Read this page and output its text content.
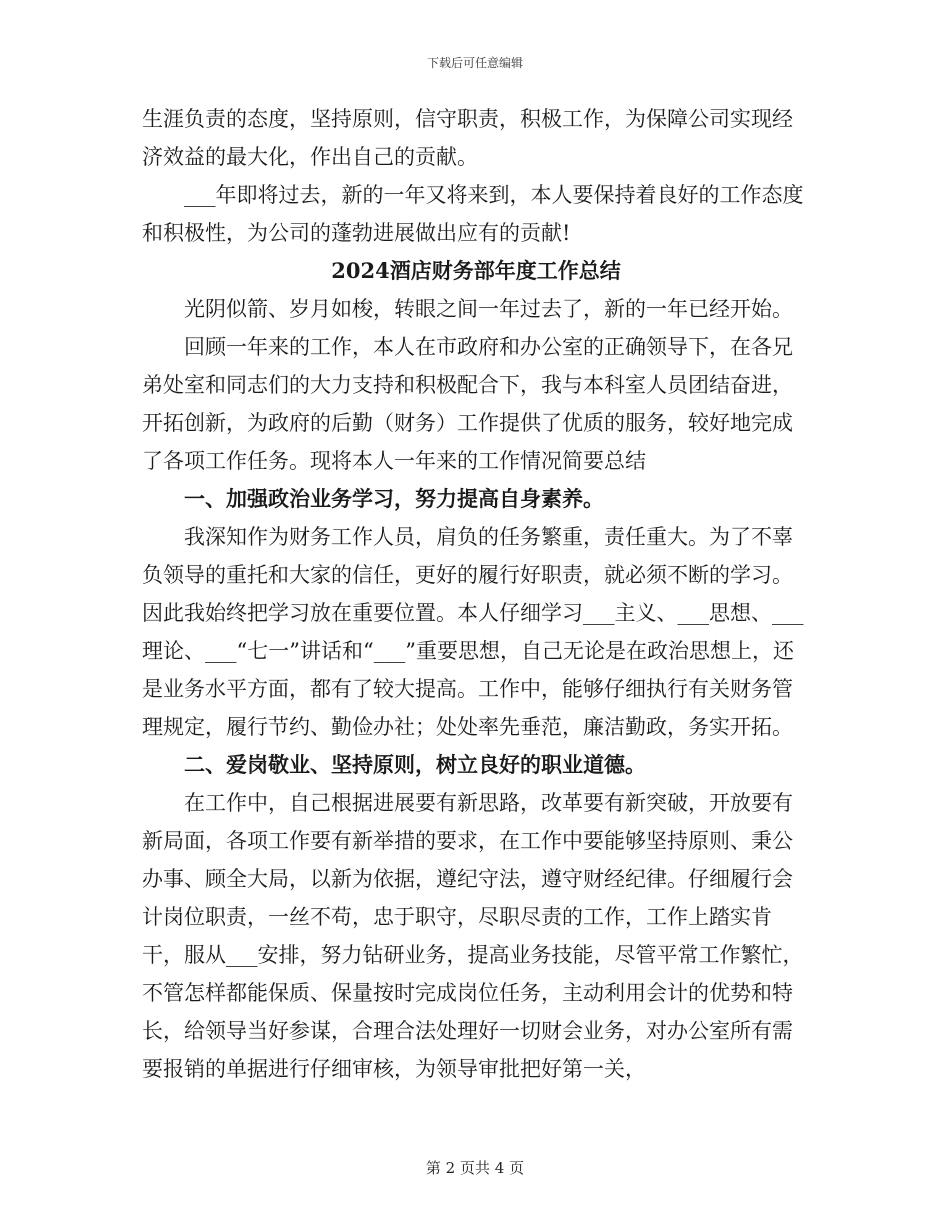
下载后可任意编辑

生涯负责的态度，坚持原则，信守职责，积极工作，为保障公司实现经济效益的最大化，作出自己的贡献。

___年即将过去，新的一年又将来到，本人要保持着良好的工作态度和积极性，为公司的蓬勃进展做出应有的贡献!

2024酒店财务部年度工作总结

光阴似箭、岁月如梭，转眼之间一年过去了，新的一年已经开始。

回顾一年来的工作，本人在市政府和办公室的正确领导下，在各兄弟处室和同志们的大力支持和积极配合下，我与本科室人员团结奋进，开拓创新，为政府的后勤（财务）工作提供了优质的服务，较好地完成了各项工作任务。现将本人一年来的工作情况简要总结

一、加强政治业务学习，努力提高自身素养。

我深知作为财务工作人员，肩负的任务繁重，责任重大。为了不辜负领导的重托和大家的信任，更好的履行好职责，就必须不断的学习。因此我始终把学习放在重要位置。本人仔细学习___主义、___思想、___理论、___“七一”讲话和“___”重要思想，自己无论是在政治思想上，还是业务水平方面，都有了较大提高。工作中，能够仔细执行有关财务管理规定，履行节约、勤俭办社；处处率先垂范，廉洁勤政，务实开拓。

二、爱岗敬业、坚持原则，树立良好的职业道德。

在工作中，自己根据进展要有新思路，改革要有新突破，开放要有新局面，各项工作要有新举措的要求，在工作中要能够坚持原则、秉公办事、顾全大局，以新为依据，遵纪守法，遵守财经纪律。仔细履行会计岗位职责，一丝不苟，忠于职守，尽职尽责的工作，工作上踏实肯干，服从___安排，努力钻研业务，提高业务技能，尽管平常工作繁忙，不管怎样都能保质、保量按时完成岗位任务，主动利用会计的优势和特长，给领导当好参谋，合理合法处理好一切财会业务，对办公室所有需要报销的单据进行仔细审核，为领导审批把好第一关，

第 2 页共 4 页
